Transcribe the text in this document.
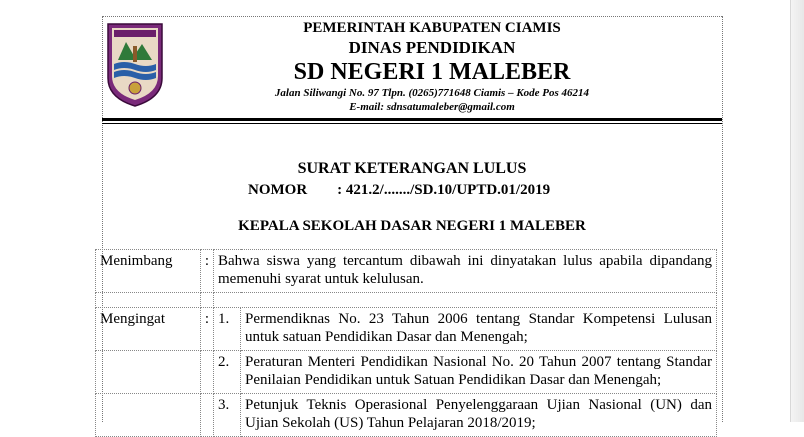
PEMERINTAH KABUPATEN CIAMIS
DINAS PENDIDIKAN
SD NEGERI 1 MALEBER
Jalan Siliwangi No. 97 Tlpn. (0265)771648 Ciamis – Kode Pos 46214
E-mail: sdnsatumaleber@gmail.com
SURAT KETERANGAN LULUS
NOMOR        : 421.2/......./SD.10/UPTD.01/2019
KEPALA SEKOLAH DASAR NEGERI 1 MALEBER
Menimbang	:	Bahwa siswa yang tercantum dibawah ini dinyatakan lulus apabila dipandang memenuhi syarat untuk kelulusan.	

Mengingat	:	1.	Permendiknas No. 23 Tahun 2006 tentang Standar Kompetensi Lulusan untuk satuan Pendidikan Dasar dan Menengah;
		2.	Peraturan Menteri Pendidikan Nasional No. 20 Tahun 2007 tentang Standar Penilaian Pendidikan untuk Satuan Pendidikan Dasar dan Menengah;
		3.	Petunjuk Teknis Operasional Penyelenggaraan Ujian Nasional (UN) dan Ujian Sekolah (US) Tahun Pelajaran 2018/2019;
